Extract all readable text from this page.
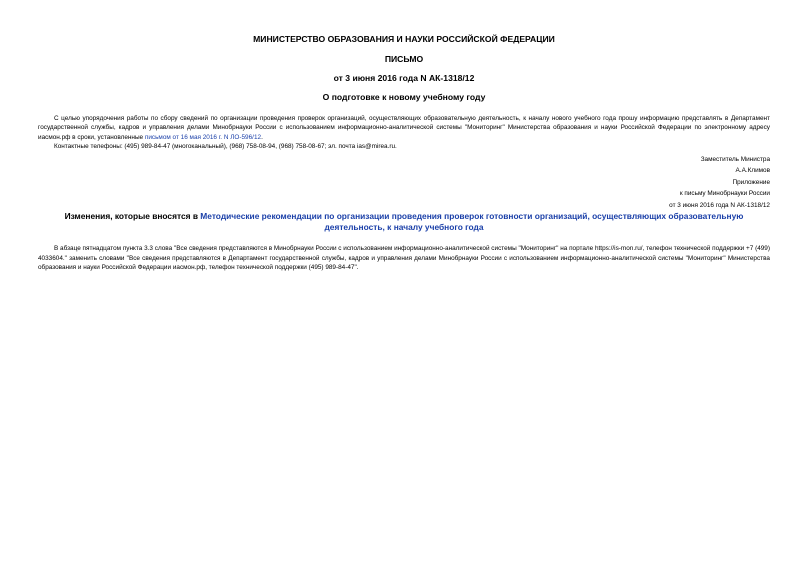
МИНИСТЕРСТВО ОБРАЗОВАНИЯ И НАУКИ РОССИЙСКОЙ ФЕДЕРАЦИИ
ПИСЬМО
от 3 июня 2016 года N АК-1318/12
О подготовке к новому учебному году

С целью упорядочения работы по сбору сведений по организации проведения проверок организаций, осуществляющих образовательную деятельность, к началу нового учебного года прошу информацию представлять в Департамент государственной службы, кадров и управления делами Минобрнауки России с использованием информационно-аналитической системы "Мониторинг" Министерства образования и науки Российской Федерации по электронному адресу иасмон.рф в сроки, установленные письмом от 16 мая 2016 г. N ЛО-596/12.

Контактные телефоны: (495) 989-84-47 (многоканальный), (968) 758-08-94, (968) 758-08-67; эл. почта ias@mirea.ru.

Заместитель Министра
А.А.Климов
Приложение
к письму Минобрнауки России
от 3 июня 2016 года N АК-1318/12
Изменения, которые вносятся в Методические рекомендации по организации проведения проверок готовности организаций, осуществляющих образовательную деятельность, к началу учебного года

В абзаце пятнадцатом пункта 3.3 слова "Все сведения представляются в Минобрнауки России с использованием информационно-аналитической системы "Мониторинг" на портале https://is-mon.ru/, телефон технической поддержки +7 (499) 4033604." заменить словами "Все сведения представляются в Департамент государственной службы, кадров и управления делами Минобрнауки России с использованием информационно-аналитической системы "Мониторинг" Министерства образования и науки Российской Федерации иасмон.рф, телефон технической поддержки (495) 989-84-47".
